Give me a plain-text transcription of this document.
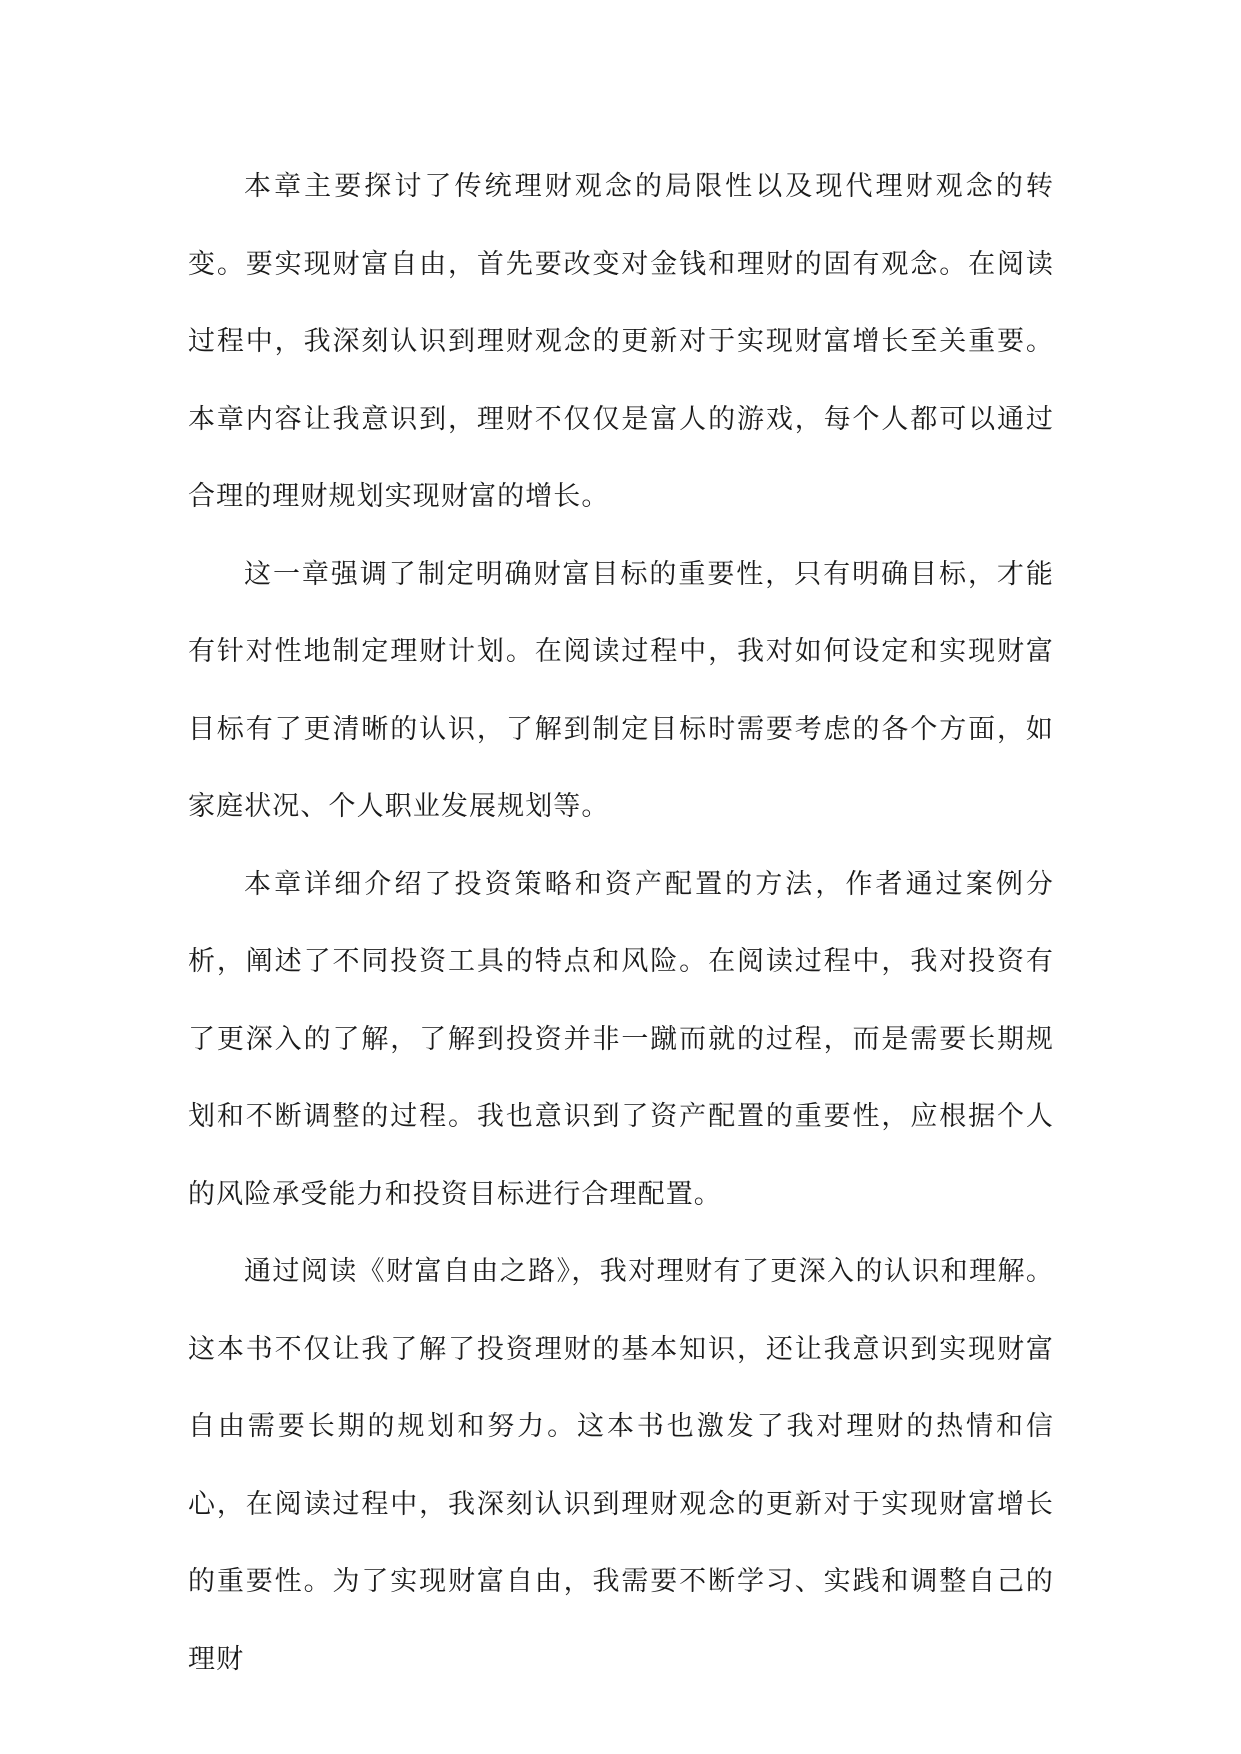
本章主要探讨了传统理财观念的局限性以及现代理财观念的转变。要实现财富自由，首先要改变对金钱和理财的固有观念。在阅读过程中，我深刻认识到理财观念的更新对于实现财富增长至关重要。本章内容让我意识到，理财不仅仅是富人的游戏，每个人都可以通过合理的理财规划实现财富的增长。

这一章强调了制定明确财富目标的重要性，只有明确目标，才能有针对性地制定理财计划。在阅读过程中，我对如何设定和实现财富目标有了更清晰的认识，了解到制定目标时需要考虑的各个方面，如家庭状况、个人职业发展规划等。

本章详细介绍了投资策略和资产配置的方法，作者通过案例分析，阐述了不同投资工具的特点和风险。在阅读过程中，我对投资有了更深入的了解，了解到投资并非一蹴而就的过程，而是需要长期规划和不断调整的过程。我也意识到了资产配置的重要性，应根据个人的风险承受能力和投资目标进行合理配置。

通过阅读《财富自由之路》，我对理财有了更深入的认识和理解。这本书不仅让我了解了投资理财的基本知识，还让我意识到实现财富自由需要长期的规划和努力。这本书也激发了我对理财的热情和信心，在阅读过程中，我深刻认识到理财观念的更新对于实现财富增长的重要性。为了实现财富自由，我需要不断学习、实践和调整自己的理财
